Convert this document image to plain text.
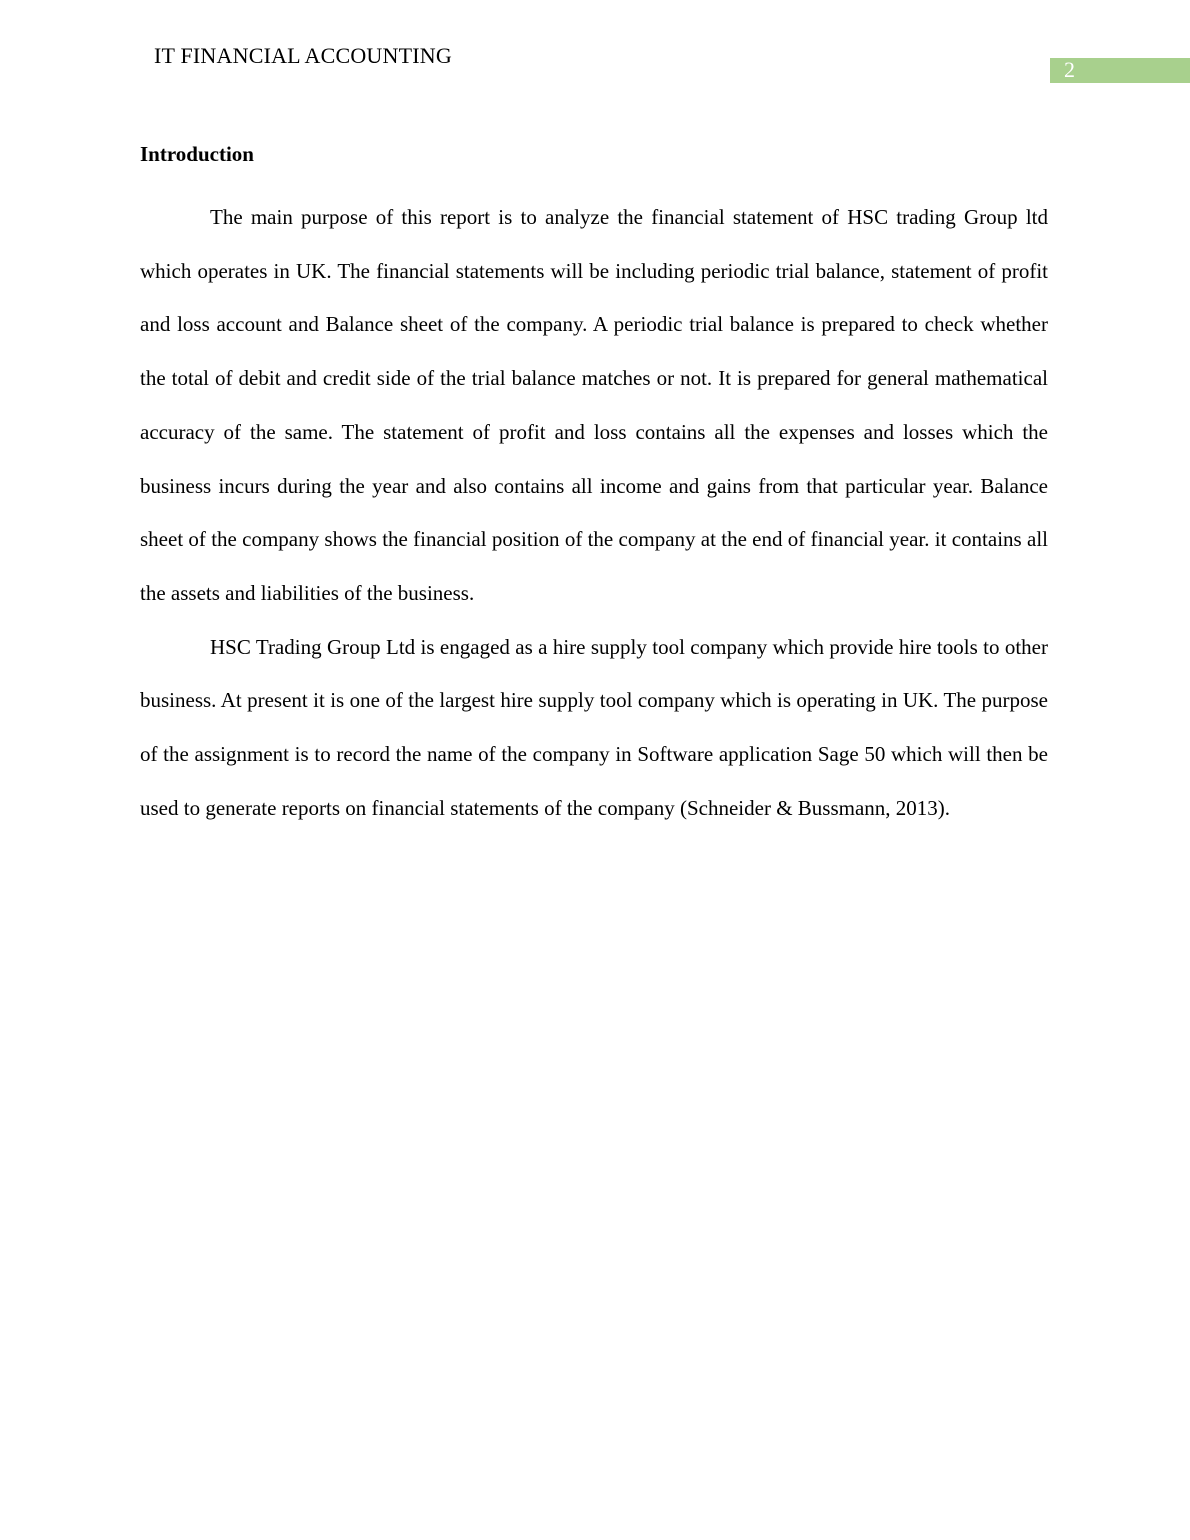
IT FINANCIAL ACCOUNTING
2
Introduction

The main purpose of this report is to analyze the financial statement of HSC trading Group ltd which operates in UK. The financial statements will be including periodic trial balance, statement of profit and loss account and Balance sheet of the company. A periodic trial balance is prepared to check whether the total of debit and credit side of the trial balance matches or not. It is prepared for general mathematical accuracy of the same. The statement of profit and loss contains all the expenses and losses which the business incurs during the year and also contains all income and gains from that particular year. Balance sheet of the company shows the financial position of the company at the end of financial year. it contains all the assets and liabilities of the business.

HSC Trading Group Ltd is engaged as a hire supply tool company which provide hire tools to other business. At present it is one of the largest hire supply tool company which is operating in UK. The purpose of the assignment is to record the name of the company in Software application Sage 50 which will then be used to generate reports on financial statements of the company (Schneider & Bussmann, 2013).
